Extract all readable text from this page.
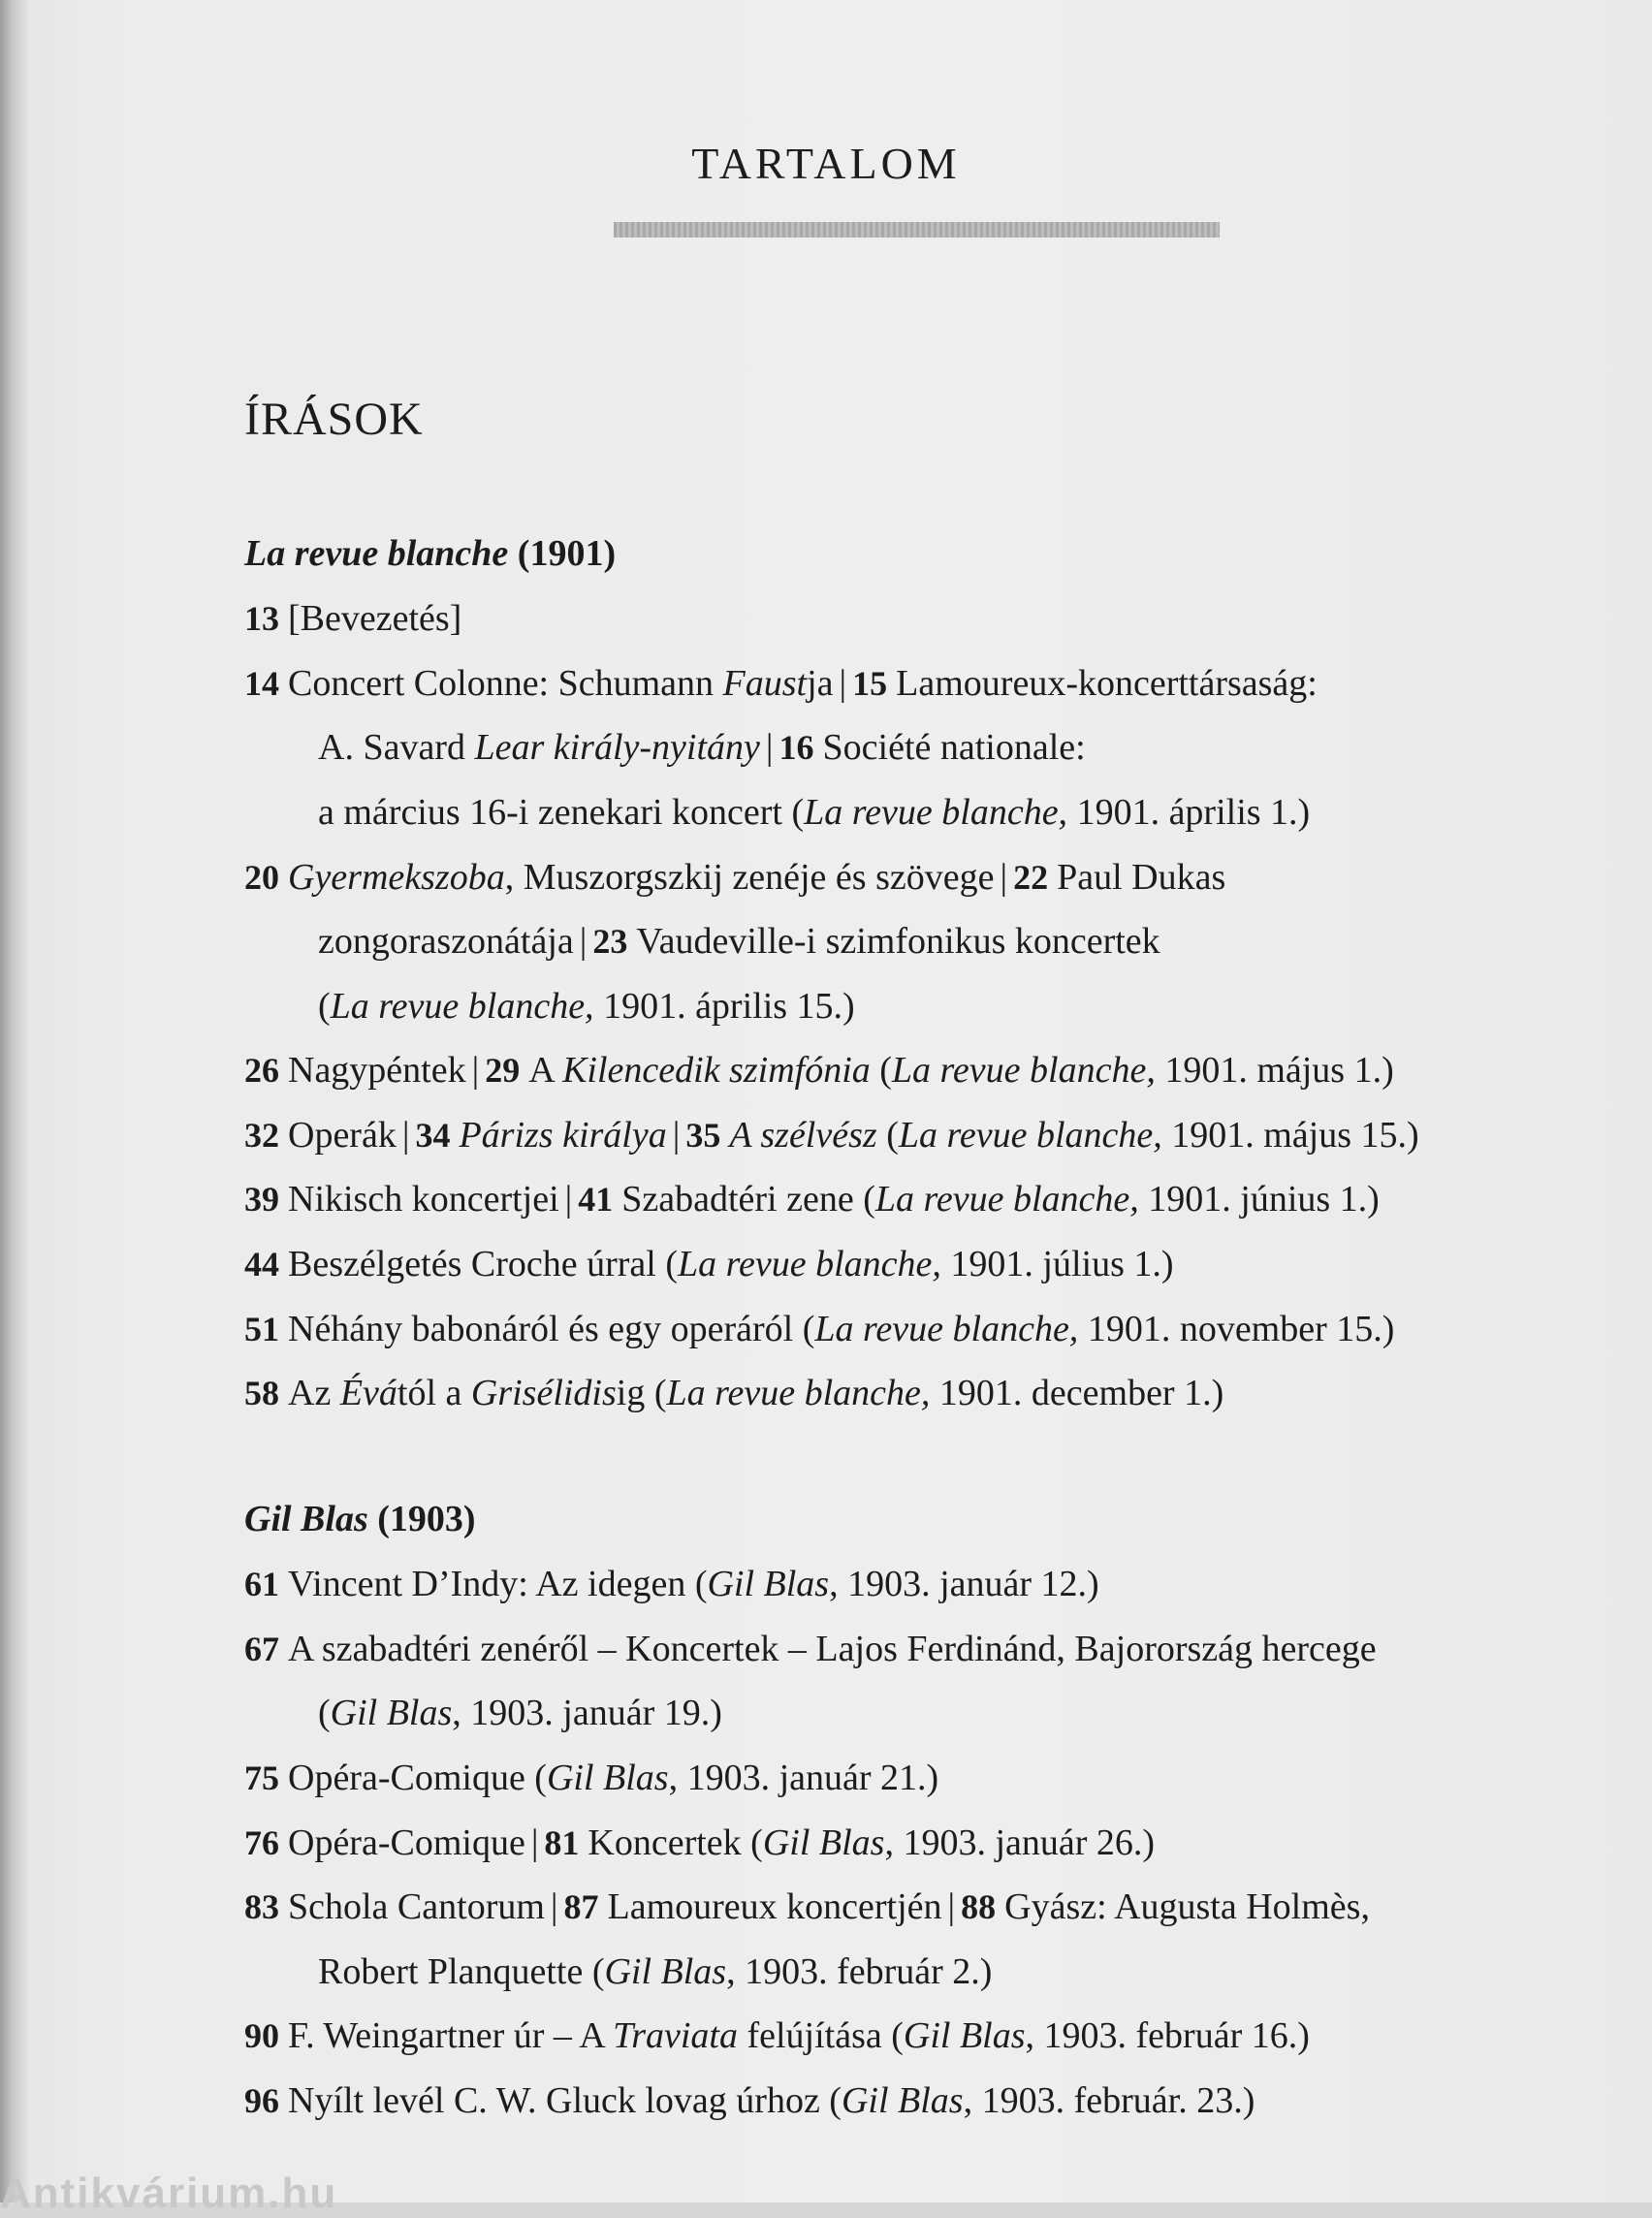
TARTALOM
ÍRÁSOK
La revue blanche (1901)
13 [Bevezetés]
14 Concert Colonne: Schumann Faustja | 15 Lamoureux-koncerttársaság:
A. Savard Lear király-nyitány | 16 Société nationale:
a március 16-i zenekari koncert (La revue blanche, 1901. április 1.)
20 Gyermekszoba, Muszorgszkij zenéje és szövege | 22 Paul Dukas
zongoraszonátája | 23 Vaudeville-i szimfonikus koncertek
(La revue blanche, 1901. április 15.)
26 Nagypéntek | 29 A Kilencedik szimfónia (La revue blanche, 1901. május 1.)
32 Operák | 34 Párizs királya | 35 A szélvész (La revue blanche, 1901. május 15.)
39 Nikisch koncertjei | 41 Szabadtéri zene (La revue blanche, 1901. június 1.)
44 Beszélgetés Croche úrral (La revue blanche, 1901. július 1.)
51 Néhány babonáról és egy operáról (La revue blanche, 1901. november 15.)
58 Az Évától a Grisélidisig (La revue blanche, 1901. december 1.)
Gil Blas (1903)
61 Vincent D’Indy: Az idegen (Gil Blas, 1903. január 12.)
67 A szabadtéri zenéről – Koncertek – Lajos Ferdinánd, Bajorország hercege
(Gil Blas, 1903. január 19.)
75 Opéra-Comique (Gil Blas, 1903. január 21.)
76 Opéra-Comique | 81 Koncertek (Gil Blas, 1903. január 26.)
83 Schola Cantorum | 87 Lamoureux koncertjén | 88 Gyász: Augusta Holmès,
Robert Planquette (Gil Blas, 1903. február 2.)
90 F. Weingartner úr – A Traviata felújítása (Gil Blas, 1903. február 16.)
96 Nyílt levél C. W. Gluck lovag úrhoz (Gil Blas, 1903. február. 23.)
Antikvárium.hu
